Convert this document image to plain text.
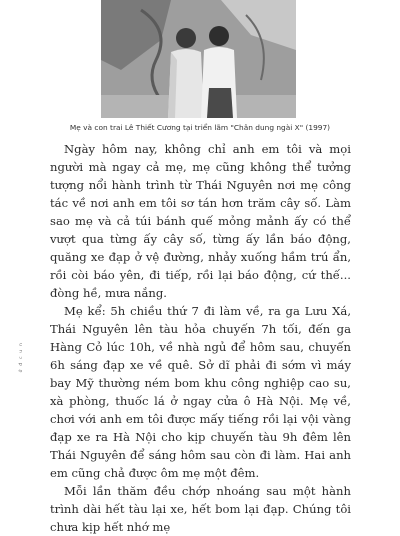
Mẹ và con trai Lê Thiết Cương tại triển lãm "Chân dung ngài X" (1997)

Ngày hôm nay, không chỉ anh em tôi và mọi người mà ngay cả mẹ, mẹ cũng không thể tưởng tượng nổi hành trình từ Thái Nguyên nơi mẹ công tác về nơi anh em tôi sơ tán hơn trăm cây số. Làm sao mẹ và cả túi bánh quế mỏng mảnh ấy có thể vượt qua từng ấy cây số, từng ấy lần báo động, quăng xe đạp ở vệ đường, nhảy xuống hầm trú ẩn, rồi còi báo yên, đi tiếp, rồi lại báo động, cứ thế... đòng hề, mưa nắng.

Mẹ kể: 5h chiều thứ 7 đi làm về, ra ga Lưu Xá, Thái Nguyên lên tàu hỏa chuyến 7h tối, đến ga Hàng Cỏ lúc 10h, về nhà ngủ để hôm sau, chuyến 6h sáng đạp xe về quê. Sở dĩ phải đi sớm vì máy bay Mỹ thường ném bom khu công nghiệp cao su, xà phòng, thuốc lá ở ngay cửa ô Hà Nội. Mẹ về, chơi với anh em tôi được mấy tiếng rồi lại vội vàng đạp xe ra Hà Nội cho kịp chuyến tàu 9h đêm lên Thái Nguyên để sáng hôm sau còn đi làm. Hai anh em cũng chả được ôm mẹ một đêm.

Mỗi lần thăm đều chớp nhoáng sau một hành trình dài hết tàu lại xe, hết bom lại đạp. Chúng tôi chưa kịp hết nhớ mẹ

ở đ c u n
